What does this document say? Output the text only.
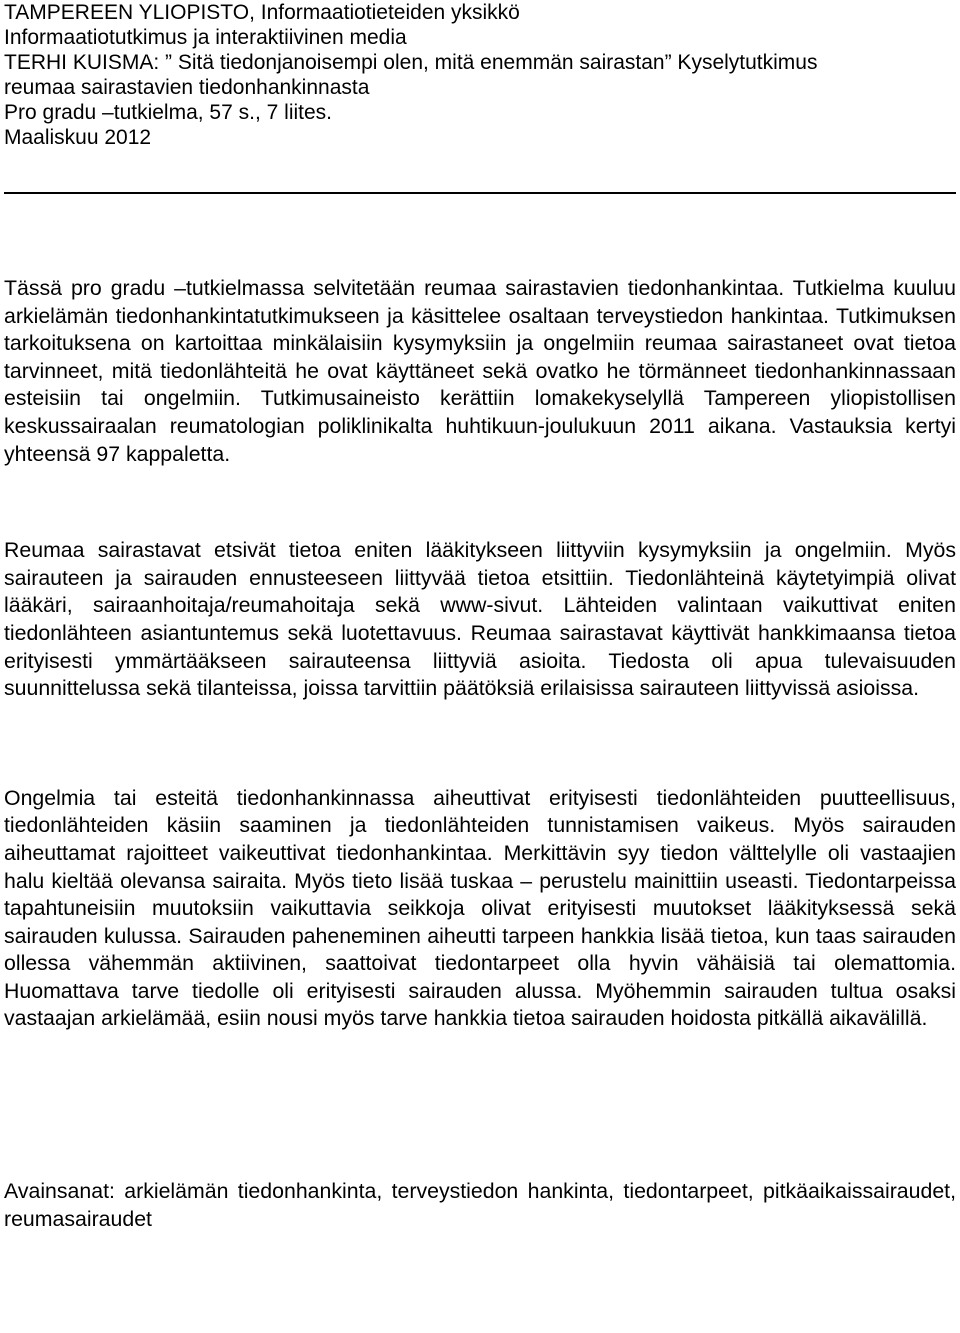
TAMPEREEN YLIOPISTO, Informaatiotieteiden yksikkö
Informaatiotutkimus ja interaktiivinen media
TERHI KUISMA: ” Sitä tiedonjanoisempi olen, mitä enemmän sairastan” Kyselytutkimus
reumaa sairastavien tiedonhankinnasta
Pro gradu –tutkielma, 57 s., 7 liites.
Maaliskuu 2012

Tässä pro gradu –tutkielmassa selvitetään reumaa sairastavien tiedonhankintaa. Tutkielma kuuluu arkielämän tiedonhankintatutkimukseen ja käsittelee osaltaan terveystiedon hankintaa. Tutkimuksen tarkoituksena on kartoittaa minkälaisiin kysymyksiin ja ongelmiin reumaa sairastaneet ovat tietoa tarvinneet, mitä tiedonlähteitä he ovat käyttäneet sekä ovatko he törmänneet tiedonhankinnassaan esteisiin tai ongelmiin. Tutkimusaineisto kerättiin lomakekyselyllä Tampereen yliopistollisen keskussairaalan reumatologian poliklinikalta huhtikuun-joulukuun 2011 aikana. Vastauksia kertyi yhteensä 97 kappaletta.

Reumaa sairastavat etsivät tietoa eniten lääkitykseen liittyviin kysymyksiin ja ongelmiin. Myös sairauteen ja sairauden ennusteeseen liittyvää tietoa etsittiin. Tiedonlähteinä käytetyimpiä olivat lääkäri, sairaanhoitaja/reumahoitaja sekä www-sivut. Lähteiden valintaan vaikuttivat eniten tiedonlähteen asiantuntemus sekä luotettavuus. Reumaa sairastavat käyttivät hankkimaansa tietoa erityisesti ymmärtääkseen sairauteensa liittyviä asioita. Tiedosta oli apua tulevaisuuden suunnittelussa sekä tilanteissa, joissa tarvittiin päätöksiä erilaisissa sairauteen liittyvissä asioissa.

Ongelmia tai esteitä tiedonhankinnassa aiheuttivat erityisesti tiedonlähteiden puutteellisuus, tiedonlähteiden käsiin saaminen ja tiedonlähteiden tunnistamisen vaikeus. Myös sairauden aiheuttamat rajoitteet vaikeuttivat tiedonhankintaa. Merkittävin syy tiedon välttelylle oli vastaajien halu kieltää olevansa sairaita. Myös tieto lisää tuskaa – perustelu mainittiin useasti. Tiedontarpeissa tapahtuneisiin muutoksiin vaikuttavia seikkoja olivat erityisesti muutokset lääkityksessä sekä sairauden kulussa. Sairauden paheneminen aiheutti tarpeen hankkia lisää tietoa, kun taas sairauden ollessa vähemmän aktiivinen, saattoivat tiedontarpeet olla hyvin vähäisiä tai olemattomia. Huomattava tarve tiedolle oli erityisesti sairauden alussa. Myöhemmin sairauden tultua osaksi vastaajan arkielämää, esiin nousi myös tarve hankkia tietoa sairauden hoidosta pitkällä aikavälillä.

Avainsanat: arkielämän tiedonhankinta, terveystiedon hankinta, tiedontarpeet, pitkäaikaissairaudet, reumasairaudet
